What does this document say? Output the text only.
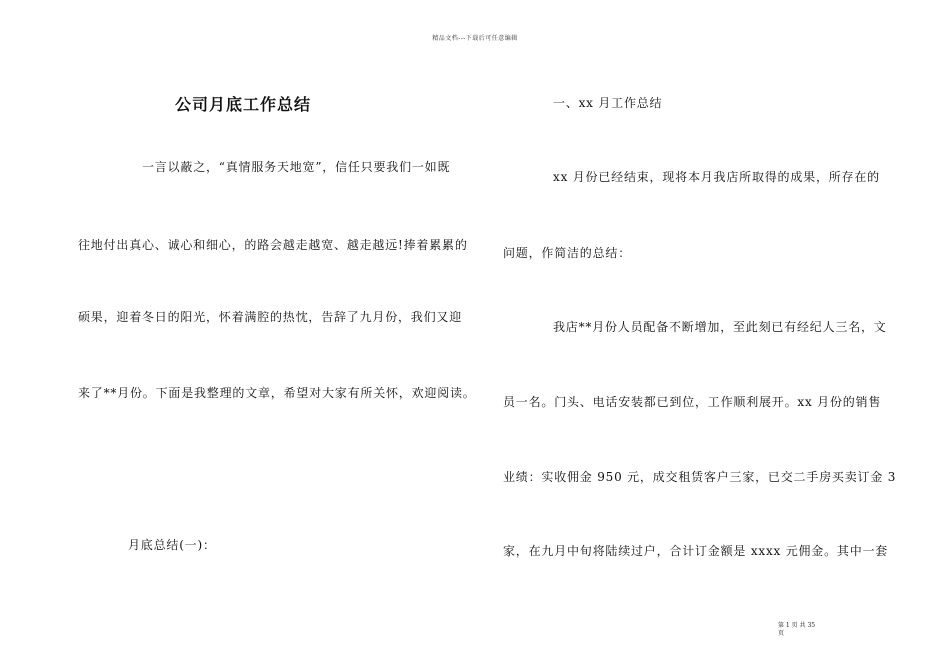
精品文档---下载后可任意编辑
公司月底工作总结
一言以蔽之，“真情服务天地宽”，信任只要我们一如既
往地付出真心、诚心和细心，的路会越走越宽、越走越远!捧着累累的
硕果，迎着冬日的阳光，怀着满腔的热忱，告辞了九月份，我们又迎
来了**月份。下面是我整理的文章，希望对大家有所关怀，欢迎阅读。
月底总结(一)：
一、xx 月工作总结
xx 月份已经结束，现将本月我店所取得的成果，所存在的
问题，作简洁的总结：
我店**月份人员配备不断增加，至此刻已有经纪人三名，文
员一名。门头、电话安装都已到位，工作顺利展开。xx 月份的销售
业绩：实收佣金 950 元，成交租赁客户三家，已交二手房买卖订金 3
家，在九月中旬将陆续过户，合计订金额是 xxxx 元佣金。其中一套
第 1 页 共 35
页
